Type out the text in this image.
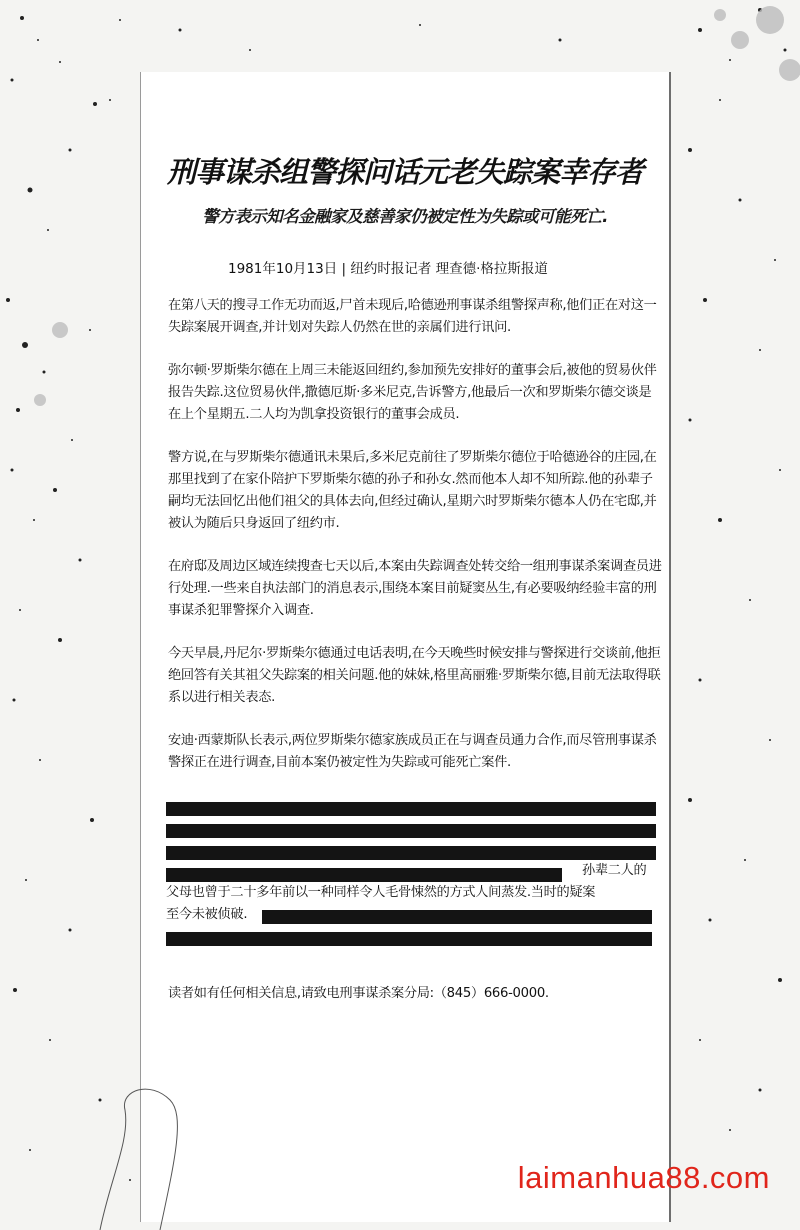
刑事谋杀组警探问话元老失踪案幸存者
警方表示知名金融家及慈善家仍被定性为失踪或可能死亡.
1981年10月13日 | 纽约时报记者 理查德·格拉斯报道

在第八天的搜寻工作无功而返,尸首未现后,哈德逊刑事谋杀组警探声称,他们正在对这一失踪案展开调查,并计划对失踪人仍然在世的亲属们进行讯问.

弥尔顿·罗斯柴尔德在上周三未能返回纽约,参加预先安排好的董事会后,被他的贸易伙伴报告失踪.这位贸易伙伴,撒德厄斯·多米尼克,告诉警方,他最后一次和罗斯柴尔德交谈是在上个星期五.二人均为凯拿投资银行的董事会成员.

警方说,在与罗斯柴尔德通讯未果后,多米尼克前往了罗斯柴尔德位于哈德逊谷的庄园,在那里找到了在家仆陪护下罗斯柴尔德的孙子和孙女.然而他本人却不知所踪.他的孙辈子嗣均无法回忆出他们祖父的具体去向,但经过确认,星期六时罗斯柴尔德本人仍在宅邸,并被认为随后只身返回了纽约市.

在府邸及周边区域连续搜查七天以后,本案由失踪调查处转交给一组刑事谋杀案调查员进行处理.一些来自执法部门的消息表示,围绕本案目前疑窦丛生,有必要吸纳经验丰富的刑事谋杀犯罪警探介入调查.

今天早晨,丹尼尔·罗斯柴尔德通过电话表明,在今天晚些时候安排与警探进行交谈前,他拒绝回答有关其祖父失踪案的相关问题.他的妹妹,格里高丽雅·罗斯柴尔德,目前无法取得联系以进行相关表态.

安迪·西蒙斯队长表示,两位罗斯柴尔德家族成员正在与调查员通力合作,而尽管刑事谋杀警探正在进行调查,目前本案仍被定性为失踪或可能死亡案件.

孙辈二人的
父母也曾于二十多年前以一种同样令人毛骨悚然的方式人间蒸发.当时的疑案
至今未被侦破.
读者如有任何相关信息,请致电刑事谋杀案分局:（845）666-0000.
laimanhua88.com
